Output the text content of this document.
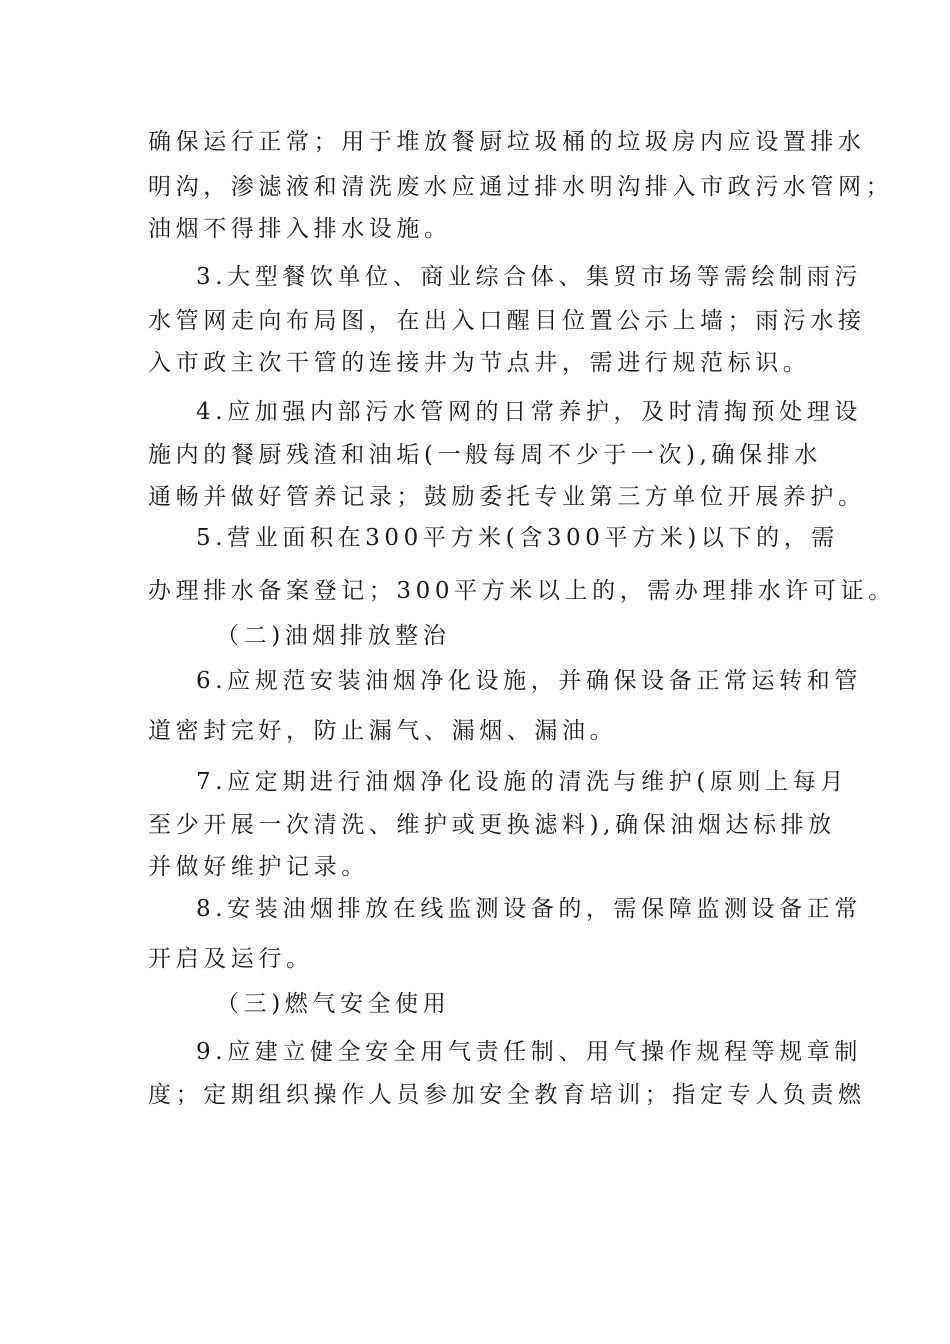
确保运行正常；用于堆放餐厨垃圾桶的垃圾房内应设置排水
明沟，渗滤液和清洗废水应通过排水明沟排入市政污水管网；
油烟不得排入排水设施。
3.大型餐饮单位、商业综合体、集贸市场等需绘制雨污
水管网走向布局图，在出入口醒目位置公示上墙；雨污水接
入市政主次干管的连接井为节点井，需进行规范标识。
4.应加强内部污水管网的日常养护，及时清掏预处理设
施内的餐厨残渣和油垢(一般每周不少于一次),确保排水
通畅并做好管养记录；鼓励委托专业第三方单位开展养护。
5.营业面积在300平方米(含300平方米)以下的，需
办理排水备案登记；300平方米以上的，需办理排水许可证。
（二)油烟排放整治
6.应规范安装油烟净化设施，并确保设备正常运转和管
道密封完好，防止漏气、漏烟、漏油。
7.应定期进行油烟净化设施的清洗与维护(原则上每月
至少开展一次清洗、维护或更换滤料),确保油烟达标排放
并做好维护记录。
8.安装油烟排放在线监测设备的，需保障监测设备正常
开启及运行。
（三)燃气安全使用
9.应建立健全安全用气责任制、用气操作规程等规章制
度；定期组织操作人员参加安全教育培训；指定专人负责燃
